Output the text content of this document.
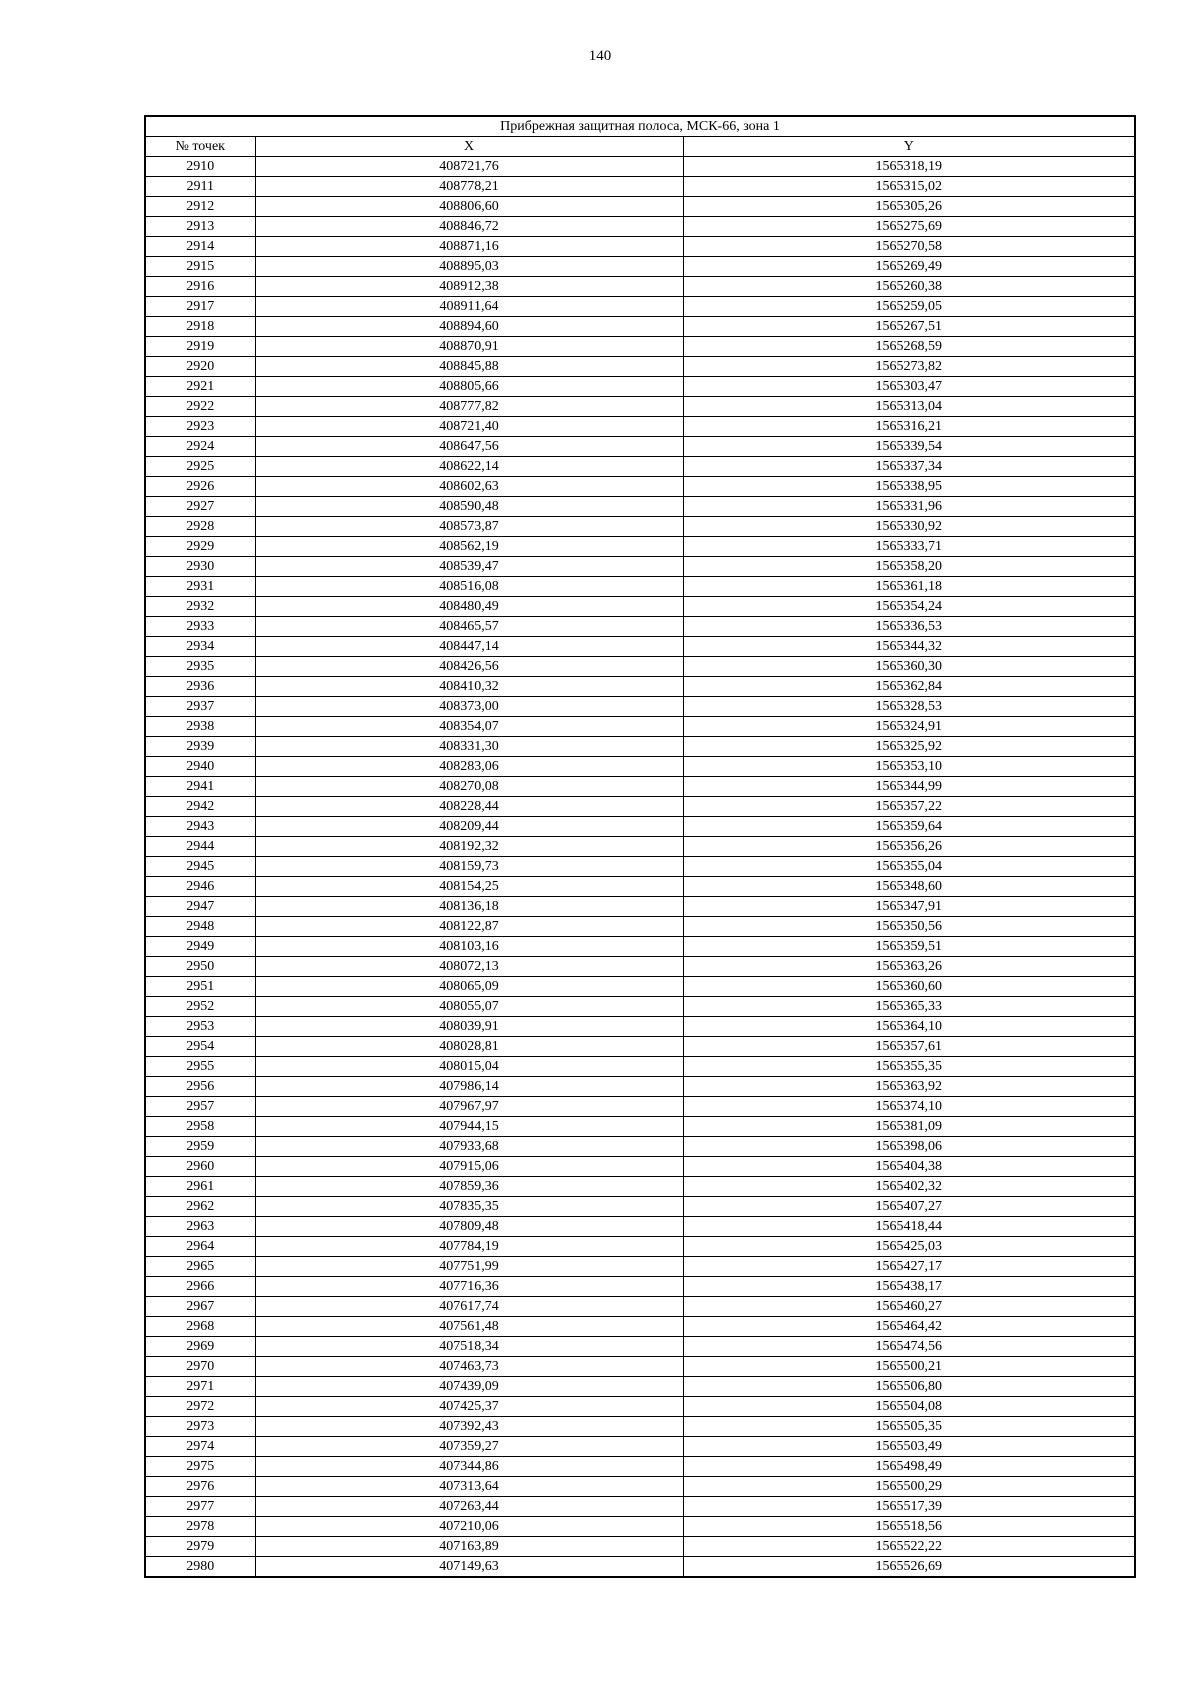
140
Прибрежная защитная полоса, МСК-66, зона 1		
№ точек	X	Y
2910	408721,76	1565318,19
2911	408778,21	1565315,02
2912	408806,60	1565305,26
2913	408846,72	1565275,69
2914	408871,16	1565270,58
2915	408895,03	1565269,49
2916	408912,38	1565260,38
2917	408911,64	1565259,05
2918	408894,60	1565267,51
2919	408870,91	1565268,59
2920	408845,88	1565273,82
2921	408805,66	1565303,47
2922	408777,82	1565313,04
2923	408721,40	1565316,21
2924	408647,56	1565339,54
2925	408622,14	1565337,34
2926	408602,63	1565338,95
2927	408590,48	1565331,96
2928	408573,87	1565330,92
2929	408562,19	1565333,71
2930	408539,47	1565358,20
2931	408516,08	1565361,18
2932	408480,49	1565354,24
2933	408465,57	1565336,53
2934	408447,14	1565344,32
2935	408426,56	1565360,30
2936	408410,32	1565362,84
2937	408373,00	1565328,53
2938	408354,07	1565324,91
2939	408331,30	1565325,92
2940	408283,06	1565353,10
2941	408270,08	1565344,99
2942	408228,44	1565357,22
2943	408209,44	1565359,64
2944	408192,32	1565356,26
2945	408159,73	1565355,04
2946	408154,25	1565348,60
2947	408136,18	1565347,91
2948	408122,87	1565350,56
2949	408103,16	1565359,51
2950	408072,13	1565363,26
2951	408065,09	1565360,60
2952	408055,07	1565365,33
2953	408039,91	1565364,10
2954	408028,81	1565357,61
2955	408015,04	1565355,35
2956	407986,14	1565363,92
2957	407967,97	1565374,10
2958	407944,15	1565381,09
2959	407933,68	1565398,06
2960	407915,06	1565404,38
2961	407859,36	1565402,32
2962	407835,35	1565407,27
2963	407809,48	1565418,44
2964	407784,19	1565425,03
2965	407751,99	1565427,17
2966	407716,36	1565438,17
2967	407617,74	1565460,27
2968	407561,48	1565464,42
2969	407518,34	1565474,56
2970	407463,73	1565500,21
2971	407439,09	1565506,80
2972	407425,37	1565504,08
2973	407392,43	1565505,35
2974	407359,27	1565503,49
2975	407344,86	1565498,49
2976	407313,64	1565500,29
2977	407263,44	1565517,39
2978	407210,06	1565518,56
2979	407163,89	1565522,22
2980	407149,63	1565526,69
